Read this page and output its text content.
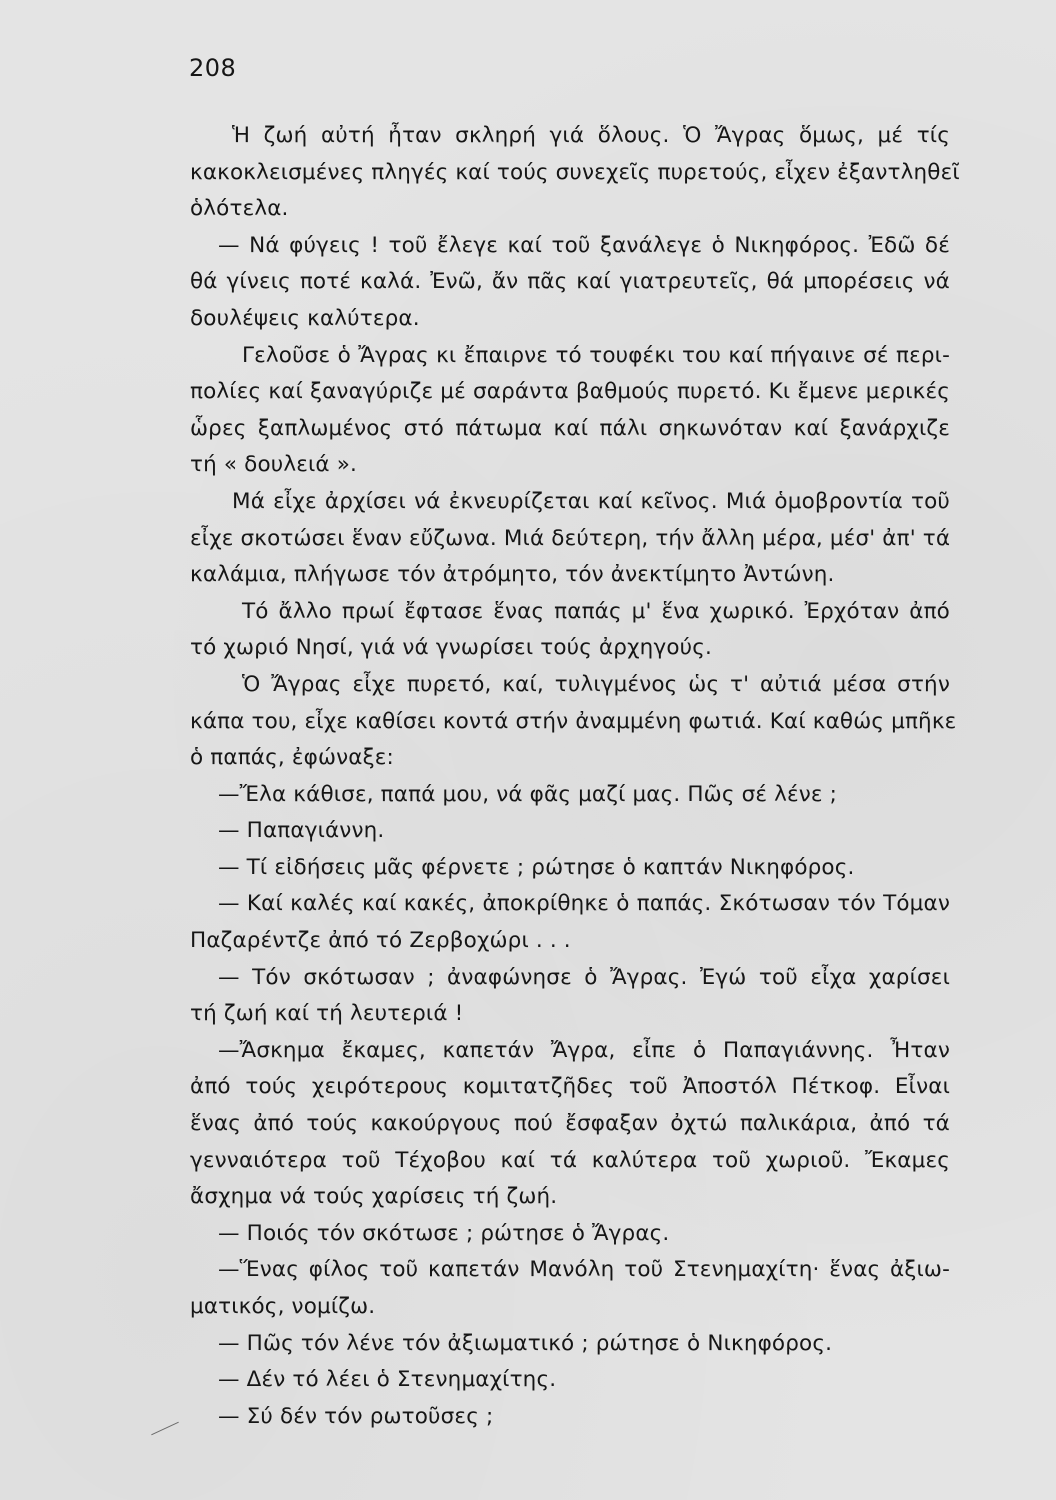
208
Ἡ ζωή αὐτή ἦταν σκληρή γιά ὅλους. Ὁ Ἄγρας ὅμως, μέ τίς
κακοκλεισμένες πληγές καί τούς συνεχεῖς πυρετούς, εἶχεν ἐξαντληθεῖ
ὁλότελα.
— Νά φύγεις ! τοῦ ἔλεγε καί τοῦ ξανάλεγε ὁ Νικηφόρος. Ἐδῶ δέ
θά γίνεις ποτέ καλά. Ἐνῶ, ἄν πᾶς καί γιατρευτεῖς, θά μπορέσεις νά
δουλέψεις καλύτερα.
Γελοῦσε ὁ Ἄγρας κι ἔπαιρνε τό τουφέκι του καί πήγαινε σέ περι-
πολίες καί ξαναγύριζε μέ σαράντα βαθμούς πυρετό. Κι ἔμενε μερικές
ὧρες ξαπλωμένος στό πάτωμα καί πάλι σηκωνόταν καί ξανάρχιζε
τή « δουλειά ».
Μά εἶχε ἀρχίσει νά ἐκνευρίζεται καί κεῖνος. Μιά ὁμοβροντία τοῦ
εἶχε σκοτώσει ἕναν εὔζωνα. Μιά δεύτερη, τήν ἄλλη μέρα, μέσ' ἀπ' τά
καλάμια, πλήγωσε τόν ἀτρόμητο, τόν ἀνεκτίμητο Ἀντώνη.
Τό ἄλλο πρωί ἔφτασε ἕνας παπάς μ' ἕνα χωρικό. Ἐρχόταν ἀπό
τό χωριό Νησί, γιά νά γνωρίσει τούς ἀρχηγούς.
Ὁ Ἄγρας εἶχε πυρετό, καί, τυλιγμένος ὡς τ' αὐτιά μέσα στήν
κάπα του, εἶχε καθίσει κοντά στήν ἀναμμένη φωτιά. Καί καθώς μπῆκε
ὁ παπάς, ἐφώναξε:
—Ἔλα κάθισε, παπά μου, νά φᾶς μαζί μας. Πῶς σέ λένε ;
— Παπαγιάννη.
— Τί εἰδήσεις μᾶς φέρνετε ; ρώτησε ὁ καπτάν Νικηφόρος.
— Καί καλές καί κακές, ἀποκρίθηκε ὁ παπάς. Σκότωσαν τόν Τόμαν
Παζαρέντζε ἀπό τό Ζερβοχώρι . . .
— Τόν σκότωσαν ; ἀναφώνησε ὁ Ἄγρας. Ἐγώ τοῦ εἶχα χαρίσει
τή ζωή καί τή λευτεριά !
—Ἄσκημα ἔκαμες, καπετάν Ἄγρα, εἶπε ὁ Παπαγιάννης. Ἦταν
ἀπό τούς χειρότερους κομιτατζῆδες τοῦ Ἀποστόλ Πέτκοφ. Εἶναι
ἕνας ἀπό τούς κακούργους πού ἔσφαξαν ὀχτώ παλικάρια, ἀπό τά
γενναιότερα τοῦ Τέχοβου καί τά καλύτερα τοῦ χωριοῦ. Ἔκαμες
ἄσχημα νά τούς χαρίσεις τή ζωή.
— Ποιός τόν σκότωσε ; ρώτησε ὁ Ἄγρας.
—Ἕνας φίλος τοῦ καπετάν Μανόλη τοῦ Στενημαχίτη· ἕνας ἀξιω-
ματικός, νομίζω.
— Πῶς τόν λένε τόν ἀξιωματικό ; ρώτησε ὁ Νικηφόρος.
— Δέν τό λέει ὁ Στενημαχίτης.
— Σύ δέν τόν ρωτοῦσες ;
